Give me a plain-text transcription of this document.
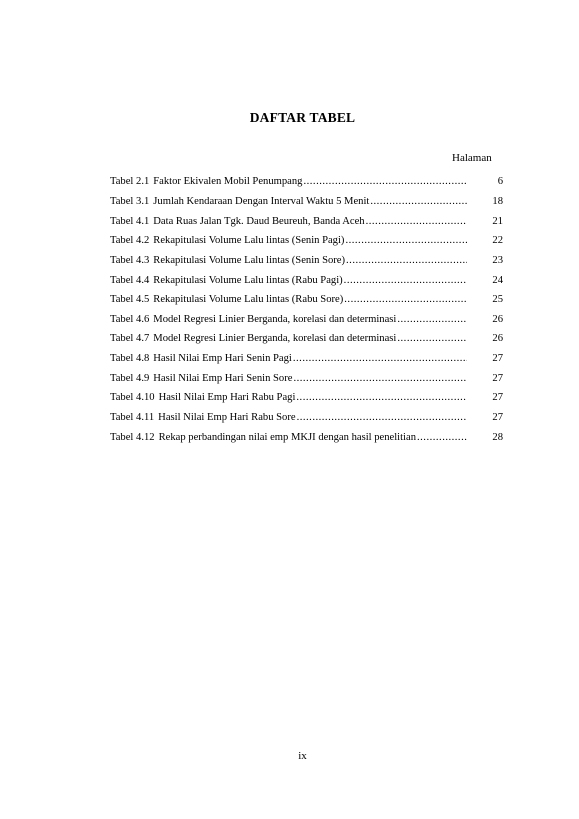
DAFTAR TABEL
Halaman
Tabel 2.1 Faktor Ekivalen Mobil Penumpang .....	6
Tabel 3.1 Jumlah Kendaraan Dengan Interval Waktu 5 Menit .....	18
Tabel 4.1 Data Ruas Jalan Tgk. Daud Beureuh, Banda Aceh .....	21
Tabel 4.2 Rekapitulasi Volume Lalu lintas (Senin Pagi) .....	22
Tabel 4.3 Rekapitulasi Volume Lalu lintas (Senin Sore) .....	23
Tabel 4.4 Rekapitulasi Volume Lalu lintas (Rabu Pagi) .....	24
Tabel 4.5 Rekapitulasi Volume Lalu lintas (Rabu Sore) .....	25
Tabel 4.6 Model Regresi Linier Berganda, korelasi dan determinasi .....	26
Tabel 4.7 Model Regresi Linier Berganda, korelasi dan determinasi .....	26
Tabel 4.8 Hasil Nilai Emp Hari Senin Pagi .....	27
Tabel 4.9 Hasil Nilai Emp Hari Senin Sore .....	27
Tabel 4.10 Hasil Nilai Emp Hari Rabu Pagi .....	27
Tabel 4.11 Hasil Nilai Emp Hari Rabu Sore .....	27
Tabel 4.12 Rekap perbandingan nilai emp MKJI dengan hasil penelitian .....	28
ix
